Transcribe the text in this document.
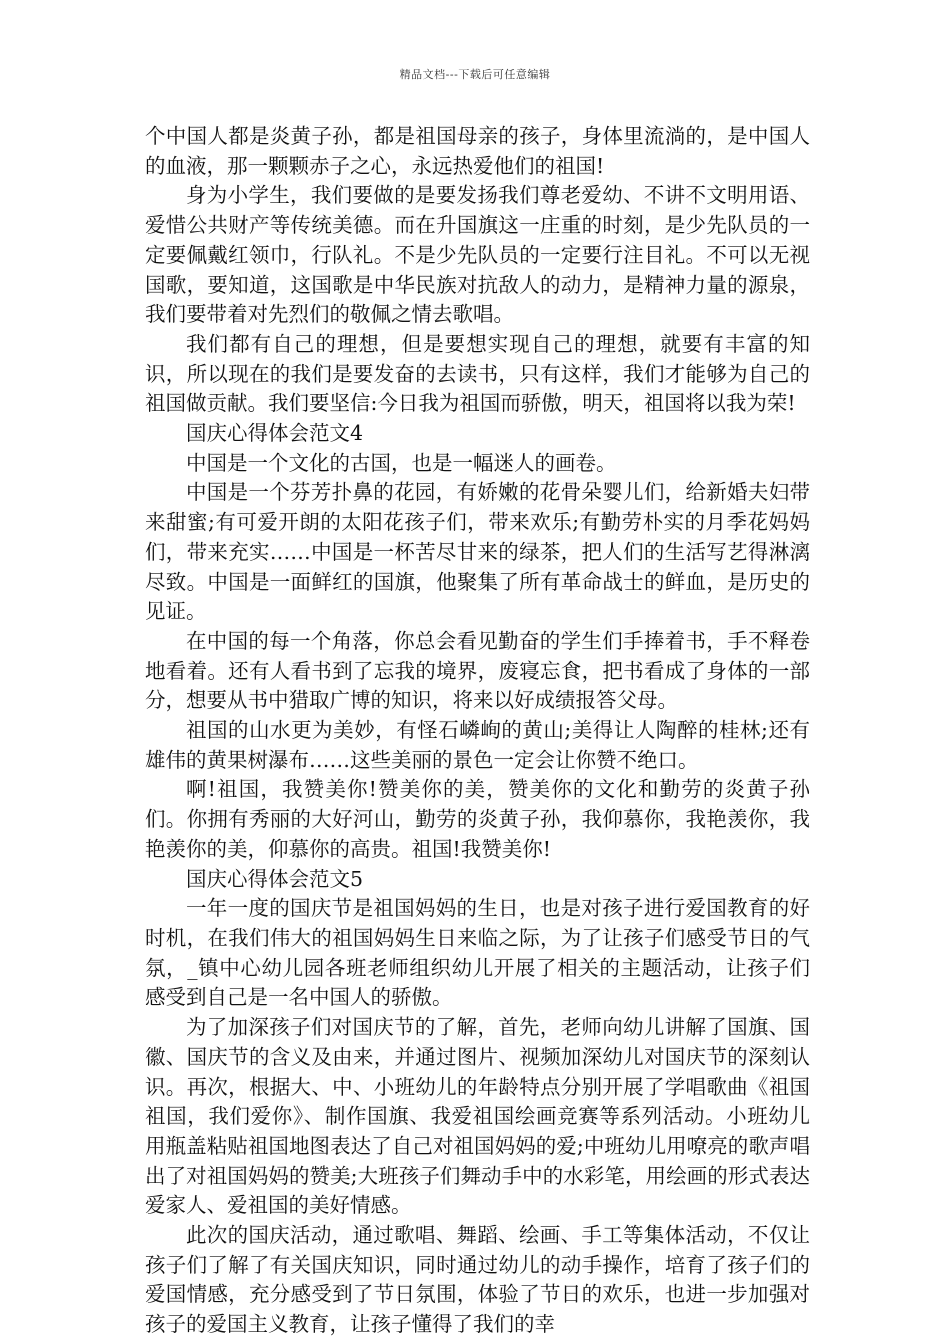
精品文档---下载后可任意编辑

个中国人都是炎黄子孙，都是祖国母亲的孩子，身体里流淌的，是中国人的血液，那一颗颗赤子之心，永远热爱他们的祖国!

身为小学生，我们要做的是要发扬我们尊老爱幼、不讲不文明用语、爱惜公共财产等传统美德。而在升国旗这一庄重的时刻，是少先队员的一定要佩戴红领巾，行队礼。不是少先队员的一定要行注目礼。不可以无视国歌，要知道，这国歌是中华民族对抗敌人的动力，是精神力量的源泉，我们要带着对先烈们的敬佩之情去歌唱。

我们都有自己的理想，但是要想实现自己的理想，就要有丰富的知识，所以现在的我们是要发奋的去读书，只有这样，我们才能够为自己的祖国做贡献。我们要坚信:今日我为祖国而骄傲，明天，祖国将以我为荣!

国庆心得体会范文4

中国是一个文化的古国，也是一幅迷人的画卷。

中国是一个芬芳扑鼻的花园，有娇嫩的花骨朵婴儿们，给新婚夫妇带来甜蜜;有可爱开朗的太阳花孩子们，带来欢乐;有勤劳朴实的月季花妈妈们，带来充实……中国是一杯苦尽甘来的绿茶，把人们的生活写艺得淋漓尽致。中国是一面鲜红的国旗，他聚集了所有革命战士的鲜血，是历史的见证。

在中国的每一个角落，你总会看见勤奋的学生们手捧着书，手不释卷地看着。还有人看书到了忘我的境界，废寝忘食，把书看成了身体的一部分，想要从书中猎取广博的知识，将来以好成绩报答父母。

祖国的山水更为美妙，有怪石嶙峋的黄山;美得让人陶醉的桂林;还有雄伟的黄果树瀑布……这些美丽的景色一定会让你赞不绝口。

啊!祖国，我赞美你!赞美你的美，赞美你的文化和勤劳的炎黄子孙们。你拥有秀丽的大好河山，勤劳的炎黄子孙，我仰慕你，我艳羡你，我艳羡你的美，仰慕你的高贵。祖国!我赞美你!

国庆心得体会范文5

一年一度的国庆节是祖国妈妈的生日，也是对孩子进行爱国教育的好时机，在我们伟大的祖国妈妈生日来临之际，为了让孩子们感受节日的气氛，_镇中心幼儿园各班老师组织幼儿开展了相关的主题活动，让孩子们感受到自己是一名中国人的骄傲。

为了加深孩子们对国庆节的了解，首先，老师向幼儿讲解了国旗、国徽、国庆节的含义及由来，并通过图片、视频加深幼儿对国庆节的深刻认识。再次，根据大、中、小班幼儿的年龄特点分别开展了学唱歌曲《祖国祖国，我们爱你》、制作国旗、我爱祖国绘画竞赛等系列活动。小班幼儿用瓶盖粘贴祖国地图表达了自己对祖国妈妈的爱;中班幼儿用嘹亮的歌声唱出了对祖国妈妈的赞美;大班孩子们舞动手中的水彩笔，用绘画的形式表达爱家人、爱祖国的美好情感。

此次的国庆活动，通过歌唱、舞蹈、绘画、手工等集体活动，不仅让孩子们了解了有关国庆知识，同时通过幼儿的动手操作，培育了孩子们的爱国情感，充分感受到了节日氛围，体验了节日的欢乐，也进一步加强对孩子的爱国主义教育，让孩子懂得了我们的幸
